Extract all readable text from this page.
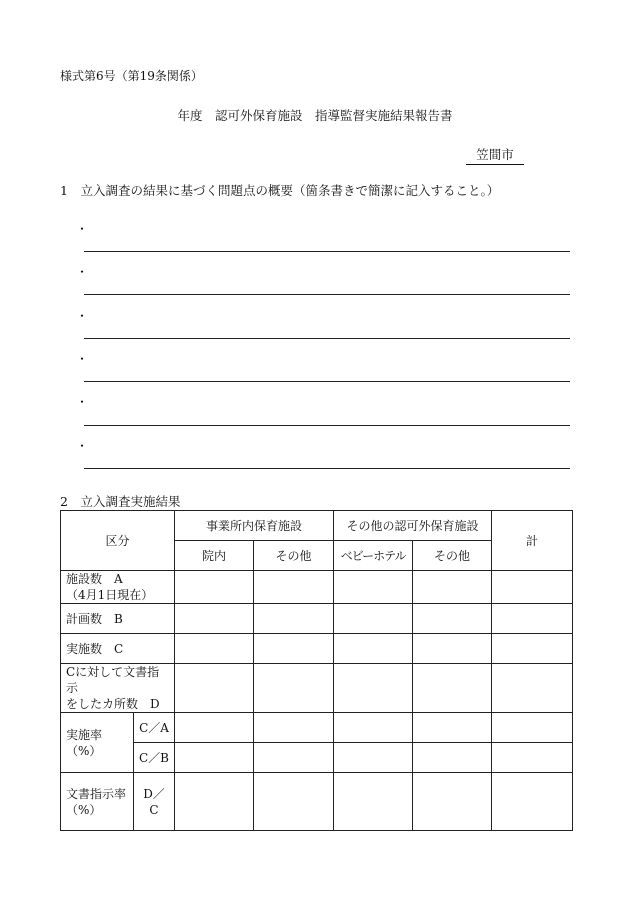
様式第6号（第19条関係）
年度　認可外保育施設　指導監督実施結果報告書
笠間市
1　立入調査の結果に基づく問題点の概要（箇条書きで簡潔に記入すること。）
・
・
・
・
・
・
2　立入調査実施結果
区分		事業所内保育施設		その他の認可外保育施設		計
		院内	その他	ベビーホテル	その他	

施設数　A
（4月1日現在）						

計画数　B						
実施数　C						

Cに対して文書指示
をしたカ所数　D						

実施率
（%）	C／A					
	C／B					

文書指示率
（%）	D／C					
